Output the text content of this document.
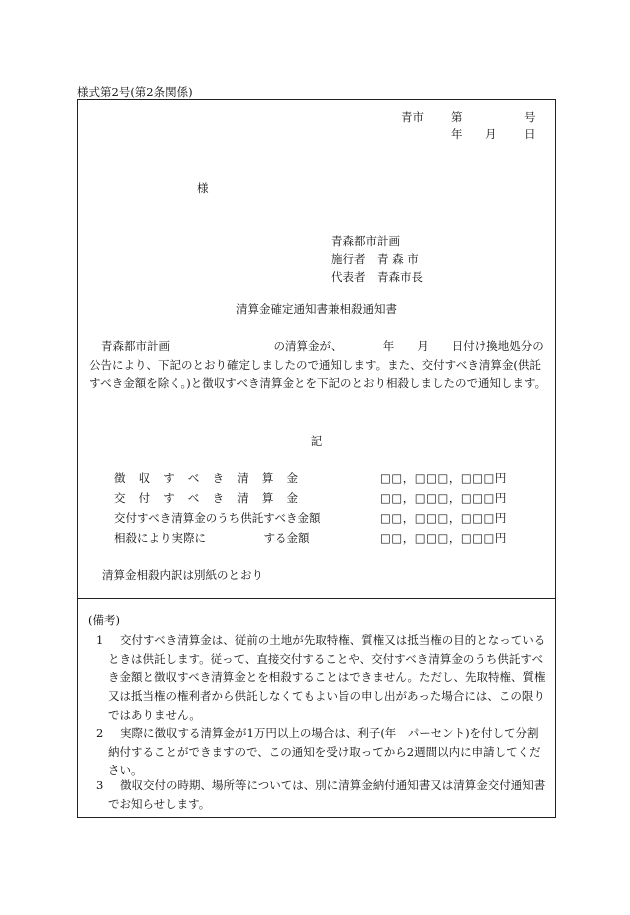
様式第2号(第2条関係)
青市 第	号
年 月 日
様
青森都市計画
施行者　青 森 市
代表者　青森市長
清算金確定通知書兼相殺通知書
青森都市計画　　　　　　　　　の清算金が、　　　　年　　月　　日付け換地処分の公告により、下記のとおり確定しましたので通知します。また、交付すべき清算金(供託すべき金額を除く。)と徴収すべき清算金とを下記のとおり相殺しましたので通知します。
記
徴 収 す べ き 清 算 金	□□，□□□，□□□円
交 付 す べ き 清 算 金	□□，□□□，□□□円
交付すべき清算金のうち供託すべき金額	□□，□□□，□□□円
相殺により実際に　　　　　する金額	□□，□□□，□□□円
清算金相殺内訳は別紙のとおり
(備考)
1	交付すべき清算金は、従前の土地が先取特権、質権又は抵当権の目的となっているときは供託します。従って、直接交付することや、交付すべき清算金のうち供託すべき金額と徴収すべき清算金とを相殺することはできません。ただし、先取特権、質権又は抵当権の権利者から供託しなくてもよい旨の申し出があった場合には、この限りではありません。
2	実際に徴収する清算金が1万円以上の場合は、利子(年　パーセント)を付して分割納付することができますので、この通知を受け取ってから2週間以内に申請してください。
3	徴収交付の時期、場所等については、別に清算金納付通知書又は清算金交付通知書でお知らせします。
